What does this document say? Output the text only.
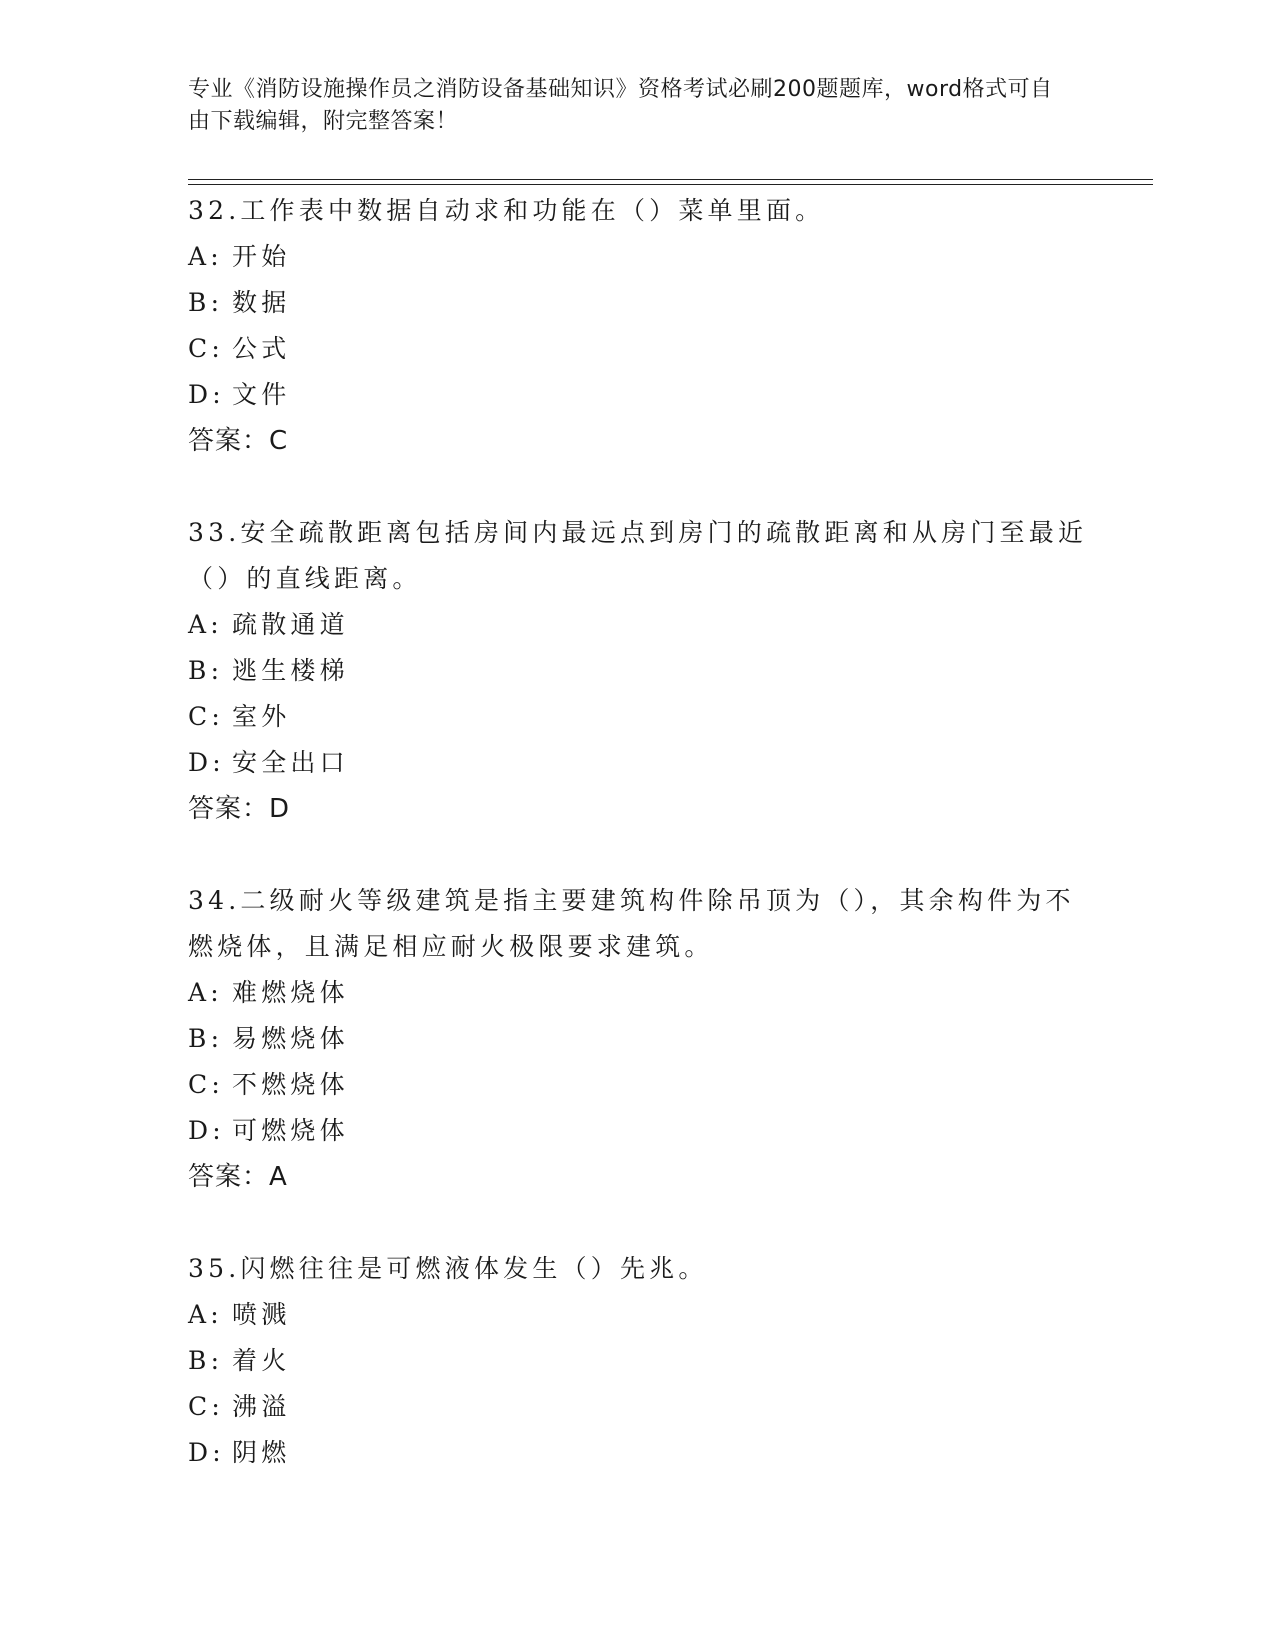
专业《消防设施操作员之消防设备基础知识》资格考试必刷200题题库，word格式可自由下载编辑，附完整答案！

32.工作表中数据自动求和功能在（）菜单里面。

A: 开始

B: 数据

C: 公式

D: 文件

答案：C

33.安全疏散距离包括房间内最远点到房门的疏散距离和从房门至最近（）的直线距离。

A: 疏散通道

B: 逃生楼梯

C: 室外

D: 安全出口

答案：D

34.二级耐火等级建筑是指主要建筑构件除吊顶为（），其余构件为不燃烧体，且满足相应耐火极限要求建筑。

A: 难燃烧体

B: 易燃烧体

C: 不燃烧体

D: 可燃烧体

答案：A

35.闪燃往往是可燃液体发生（）先兆。

A: 喷溅

B: 着火

C: 沸溢

D: 阴燃
